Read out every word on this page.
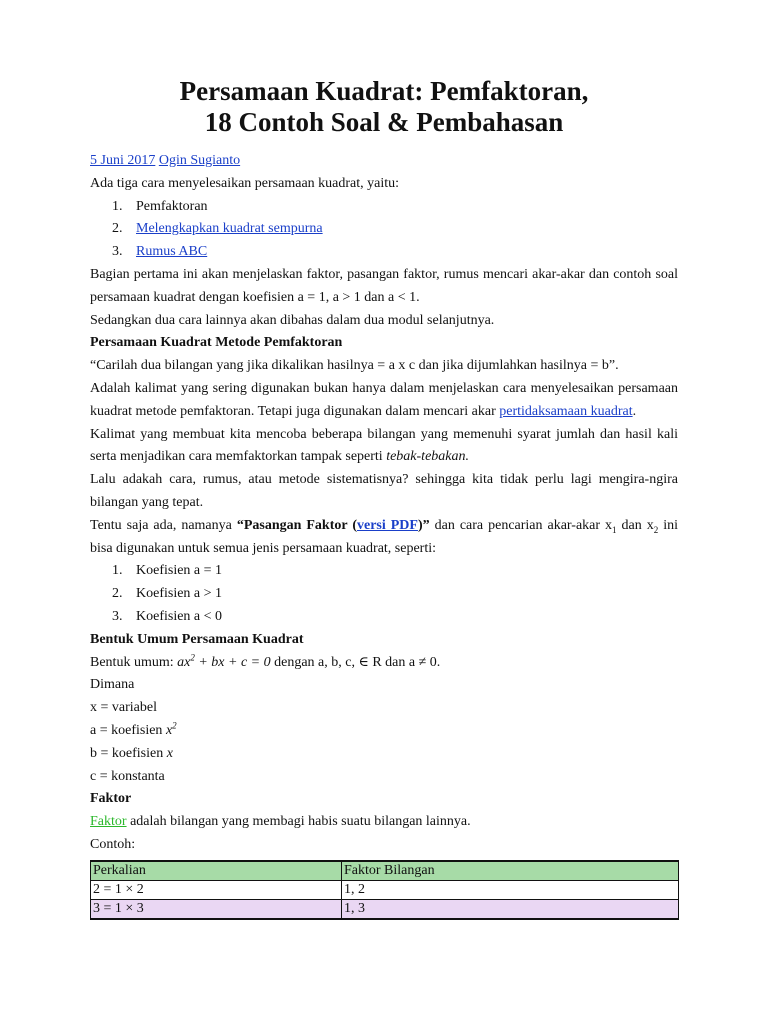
Persamaan Kuadrat: Pemfaktoran,
18 Contoh Soal & Pembahasan

5 Juni 2017 Ogin Sugianto

Ada tiga cara menyelesaikan persamaan kuadrat, yaitu:

1. Pemfaktoran
2. Melengkapkan kuadrat sempurna
3. Rumus ABC

Bagian pertama ini akan menjelaskan faktor, pasangan faktor, rumus mencari akar-akar dan contoh soal persamaan kuadrat dengan koefisien a = 1, a > 1 dan a < 1.

Sedangkan dua cara lainnya akan dibahas dalam dua modul selanjutnya.

Persamaan Kuadrat Metode Pemfaktoran

“Carilah dua bilangan yang jika dikalikan hasilnya = a x c dan jika dijumlahkan hasilnya = b”.

Adalah kalimat yang sering digunakan bukan hanya dalam menjelaskan cara menyelesaikan persamaan kuadrat metode pemfaktoran. Tetapi juga digunakan dalam mencari akar pertidaksamaan kuadrat.

Kalimat yang membuat kita mencoba beberapa bilangan yang memenuhi syarat jumlah dan hasil kali serta menjadikan cara memfaktorkan tampak seperti tebak-tebakan.

Lalu adakah cara, rumus, atau metode sistematisnya? sehingga kita tidak perlu lagi mengira-ngira bilangan yang tepat.

Tentu saja ada, namanya “Pasangan Faktor (versi PDF)” dan cara pencarian akar-akar $x_1$ dan $x_2$ ini bisa digunakan untuk semua jenis persamaan kuadrat, seperti:

1. Koefisien a = 1
2. Koefisien a > 1
3. Koefisien a < 0

Bentuk Umum Persamaan Kuadrat

Bentuk umum: $ax^2$ + bx + c = 0 dengan a, b, c, ∈ R dan a ≠ 0.

Dimana

x = variabel

a = koefisien $x^2$

b = koefisien x

c = konstanta

Faktor

Faktor adalah bilangan yang membagi habis suatu bilangan lainnya.

Contoh:

Perkalian	Faktor Bilangan
2 = 1 × 2	1, 2
3 = 1 × 3	1, 3
